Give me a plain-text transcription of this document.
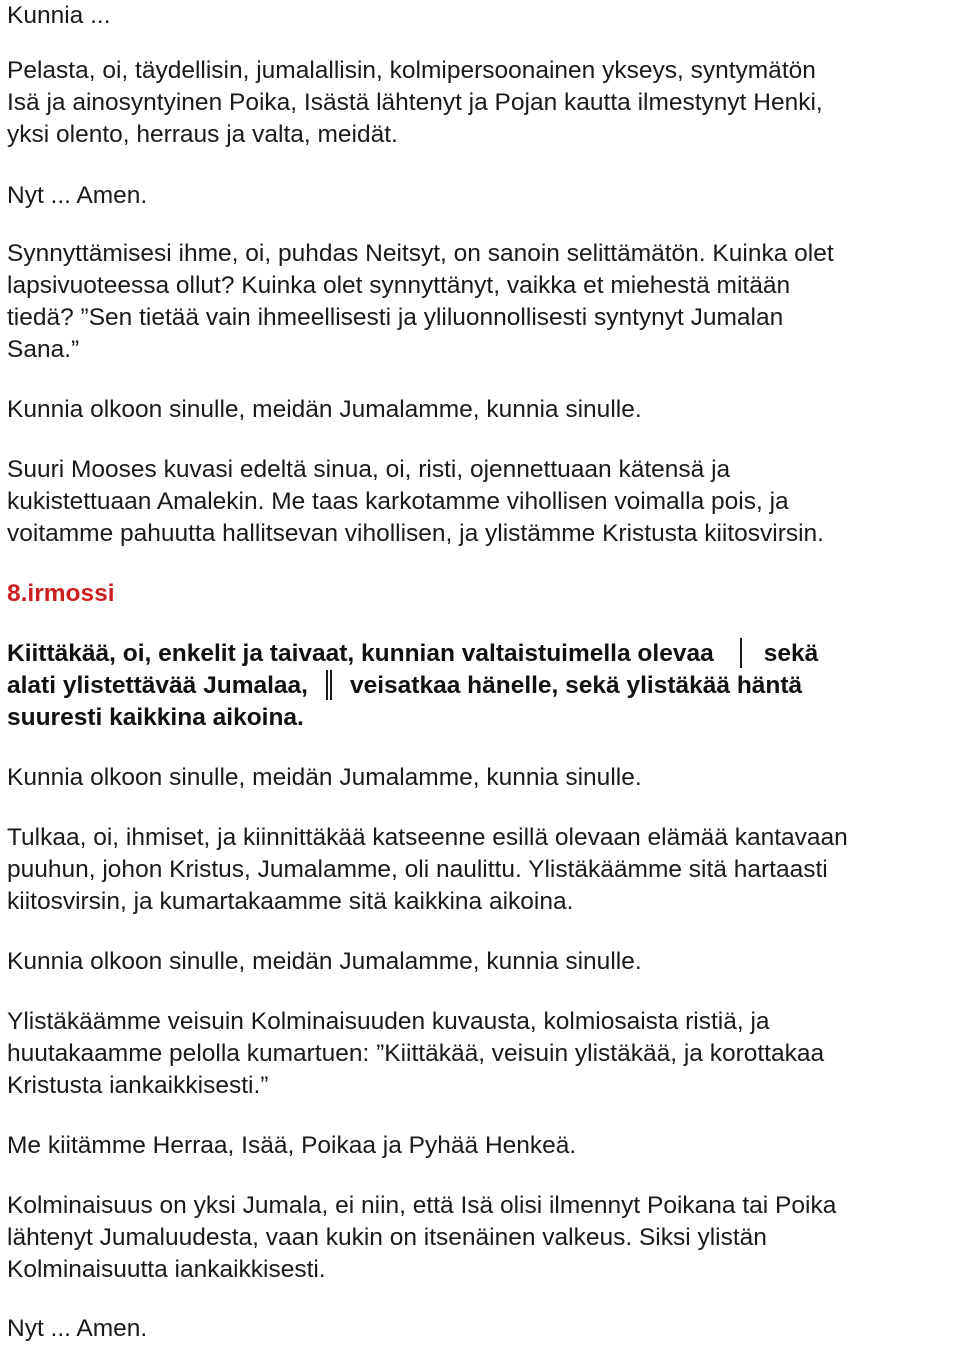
Kunnia ...
Pelasta, oi, täydellisin, jumalallisin, kolmipersoonainen ykseys, syntymätön
Isä ja ainosyntyinen Poika, Isästä lähtenyt ja Pojan kautta ilmestynyt Henki,
yksi olento, herraus ja valta, meidät.
Nyt ... Amen.
Synnyttämisesi ihme, oi, puhdas Neitsyt, on sanoin selittämätön. Kuinka olet
lapsivuoteessa ollut? Kuinka olet synnyttänyt, vaikka et miehestä mitään
tiedä? ”Sen tietää vain ihmeellisesti ja yliluonnollisesti syntynyt Jumalan
Sana.”
Kunnia olkoon sinulle, meidän Jumalamme, kunnia sinulle.
Suuri Mooses kuvasi edeltä sinua, oi, risti, ojennettuaan kätensä ja
kukistettuaan Amalekin. Me taas karkotamme vihollisen voimalla pois, ja
voitamme pahuutta hallitsevan vihollisen, ja ylistämme Kristusta kiitosvirsin.
8.irmossi
Kiittäkää, oi, enkelit ja taivaat, kunnian valtaistuimella olevaa sekä
alati ylistettävää Jumalaa, veisatkaa hänelle, sekä ylistäkää häntä
suuresti kaikkina aikoina.
Kunnia olkoon sinulle, meidän Jumalamme, kunnia sinulle.
Tulkaa, oi, ihmiset, ja kiinnittäkää katseenne esillä olevaan elämää kantavaan
puuhun, johon Kristus, Jumalamme, oli naulittu. Ylistäkäämme sitä hartaasti
kiitosvirsin, ja kumartakaamme sitä kaikkina aikoina.
Kunnia olkoon sinulle, meidän Jumalamme, kunnia sinulle.
Ylistäkäämme veisuin Kolminaisuuden kuvausta, kolmiosaista ristiä, ja
huutakaamme pelolla kumartuen: ”Kiittäkää, veisuin ylistäkää, ja korottakaa
Kristusta iankaikkisesti.”
Me kiitämme Herraa, Isää, Poikaa ja Pyhää Henkeä.
Kolminaisuus on yksi Jumala, ei niin, että Isä olisi ilmennyt Poikana tai Poika
lähtenyt Jumaluudesta, vaan kukin on itsenäinen valkeus. Siksi ylistän
Kolminaisuutta iankaikkisesti.
Nyt ... Amen.
